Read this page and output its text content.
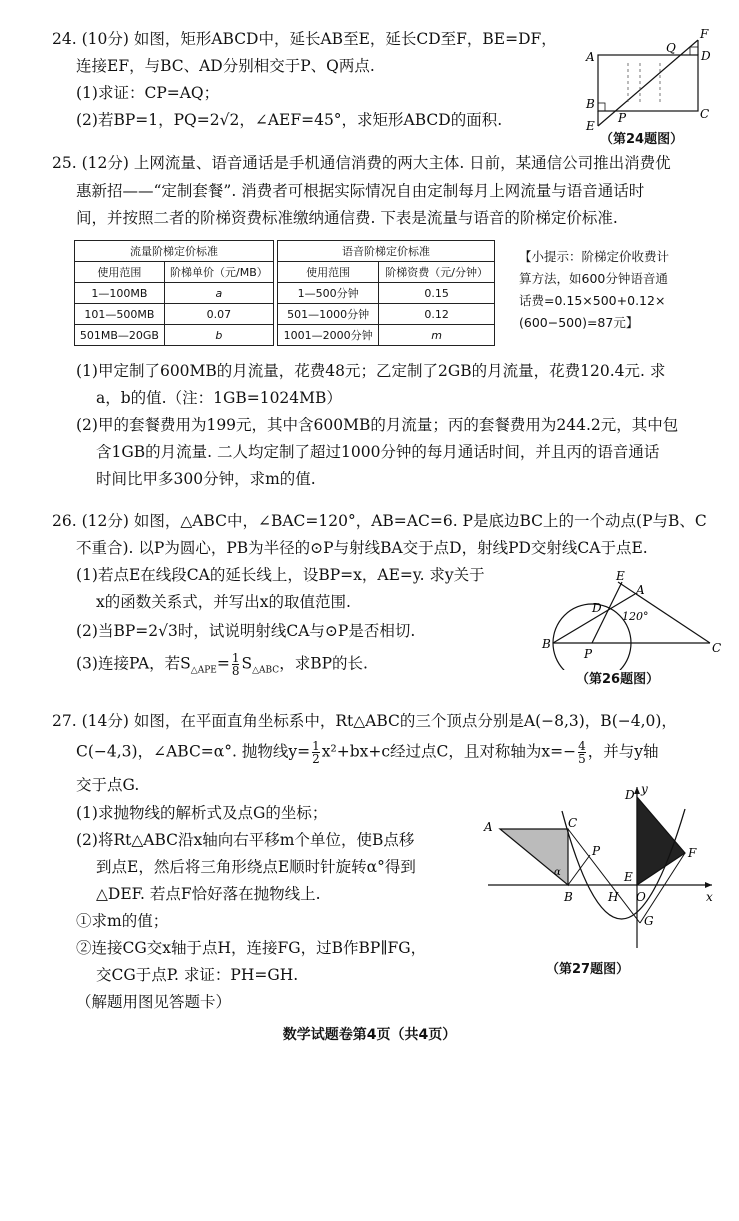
24. (10分) 如图，矩形ABCD中，延长AB至E，延长CD至F，BE=DF，
连接EF，与BC、AD分别相交于P、Q两点.
(1)求证：CP=AQ；
(2)若BP=1，PQ=2√2，∠AEF=45°，求矩形ABCD的面积.
A
B
E
C
D
F
P
Q
（第24题图）
25. (12分) 上网流量、语音通话是手机通信消费的两大主体. 日前，某通信公司推出消费优
惠新招——“定制套餐”. 消费者可根据实际情况自由定制每月上网流量与语音通话时
间，并按照二者的阶梯资费标准缴纳通信费. 下表是流量与语音的阶梯定价标准.
流量阶梯定价标准	
使用范围	阶梯单价（元/MB）
1—100MB	a
101—500MB	0.07
501MB—20GB	b
语音阶梯定价标准	
使用范围	阶梯资费（元/分钟）
1—500分钟	0.15
501—1000分钟	0.12
1001—2000分钟	m
【小提示：阶梯定价收费计
算方法，如600分钟语音通
话费=0.15×500+0.12×
(600−500)=87元】
(1)甲定制了600MB的月流量，花费48元；乙定制了2GB的月流量，花费120.4元. 求
a，b的值.（注：1GB=1024MB）
(2)甲的套餐费用为199元，其中含600MB的月流量；丙的套餐费用为244.2元，其中包
含1GB的月流量. 二人均定制了超过1000分钟的每月通话时间，并且丙的语音通话
时间比甲多300分钟，求m的值.
26. (12分) 如图，△ABC中，∠BAC=120°，AB=AC=6. P是底边BC上的一个动点(P与B、C
不重合). 以P为圆心，PB为半径的⊙P与射线BA交于点D，射线PD交射线CA于点E.
(1)若点E在线段CA的延长线上，设BP=x，AE=y. 求y关于
x的函数关系式，并写出x的取值范围.
(2)当BP=2√3时，试说明射线CA与⊙P是否相切.
(3)连接PA，若$S_{\triangle APE}= \frac{1}{8} S_{\triangle ABC}$，求BP的长.
B	C
A
E
D
P
120°
（第26题图）
27. (14分) 如图，在平面直角坐标系中，Rt△ABC的三个顶点分别是A(−8,3)，B(−4,0)，
C(−4,3)，∠ABC=α°. 抛物线$y= \frac{1}{2} x^2+bx+c$经过点C，且对称轴为$x=- \frac{4}{5}$ ，并与y轴
交于点G.
(1)求抛物线的解析式及点G的坐标；
(2)将Rt△ABC沿x轴向右平移m个单位，使B点移
到点E，然后将三角形绕点E顺时针旋转α°得到
△DEF. 若点F恰好落在抛物线上.
①求m的值；
②连接CG交x轴于点H，连接FG，过B作BP∥FG，
交CG于点P. 求证：PH=GH.
（解题用图见答题卡）
A
B
C
D
E
F
G
H O
P
x
y
α
（第27题图）
数学试题卷第4页（共4页）
